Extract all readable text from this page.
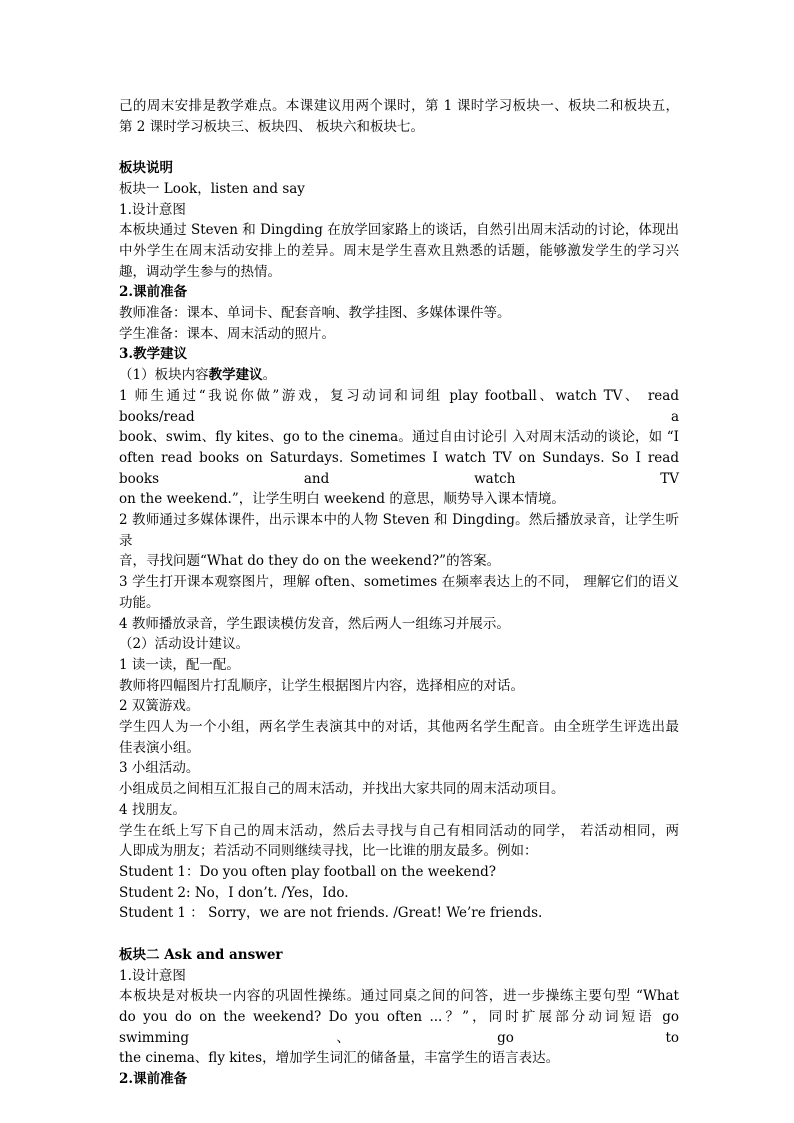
己的周末安排是教学难点。本课建议用两个课时，第 1 课时学习板块一、板块二和板块五，
第 2 课时学习板块三、板块四、 板块六和板块七。
板块说明
板块一 Look，listen and say
1.设计意图
本板块通过 Steven 和 Dingding 在放学回家路上的谈话，自然引出周末活动的讨论，体现出
中外学生在周末活动安排上的差异。周末是学生喜欢且熟悉的话题，能够激发学生的学习兴
趣，调动学生参与的热情。
2.课前准备
教师准备：课本、单词卡、配套音响、教学挂图、多媒体课件等。
学生准备：课本、周末活动的照片。
3.教学建议
（1）板块内容教学建议。
1 师生通过“我说你做”游戏，复习动词和词组 play football、watch TV、 read books/read a
book、swim、fly kites、go to the cinema。通过自由讨论引 入对周末活动的谈论，如 “I
often read books on Saturdays. Sometimes I watch TV on Sundays. So I read books and watch TV
on the weekend.”，让学生明白 weekend 的意思，顺势导入课本情境。
2 教师通过多媒体课件，出示课本中的人物 Steven 和 Dingding。然后播放录音，让学生听录
音，寻找问题“What do they do on the weekend?”的答案。
3 学生打开课本观察图片，理解 often、sometimes 在频率表达上的不同， 理解它们的语义
功能。
4 教师播放录音，学生跟读模仿发音，然后两人一组练习并展示。
（2）活动设计建议。
1 读一读，配一配。
教师将四幅图片打乱顺序，让学生根据图片内容，选择相应的对话。
2 双簧游戏。
学生四人为一个小组，两名学生表演其中的对话，其他两名学生配音。由全班学生评选出最
佳表演小组。
3 小组活动。
小组成员之间相互汇报自己的周末活动，并找出大家共同的周末活动项目。
4 找朋友。
学生在纸上写下自己的周末活动，然后去寻找与自己有相同活动的同学， 若活动相同，两
人即成为朋友；若活动不同则继续寻找，比一比谁的朋友最多。例如：
Student 1：Do you often play football on the weekend?
Student 2: No，I don’t. /Yes，Ido.
Student 1 ： Sorry，we are not friends. /Great! We’re friends.
板块二 Ask and answer
1.设计意图
本板块是对板块一内容的巩固性操练。通过同桌之间的问答，进一步操练主要句型 “What
do you do on the weekend? Do you often ...？”，同时扩展部分动词短语 go swimming、go to
the cinema、fly kites，增加学生词汇的储备量，丰富学生的语言表达。
2.课前准备
